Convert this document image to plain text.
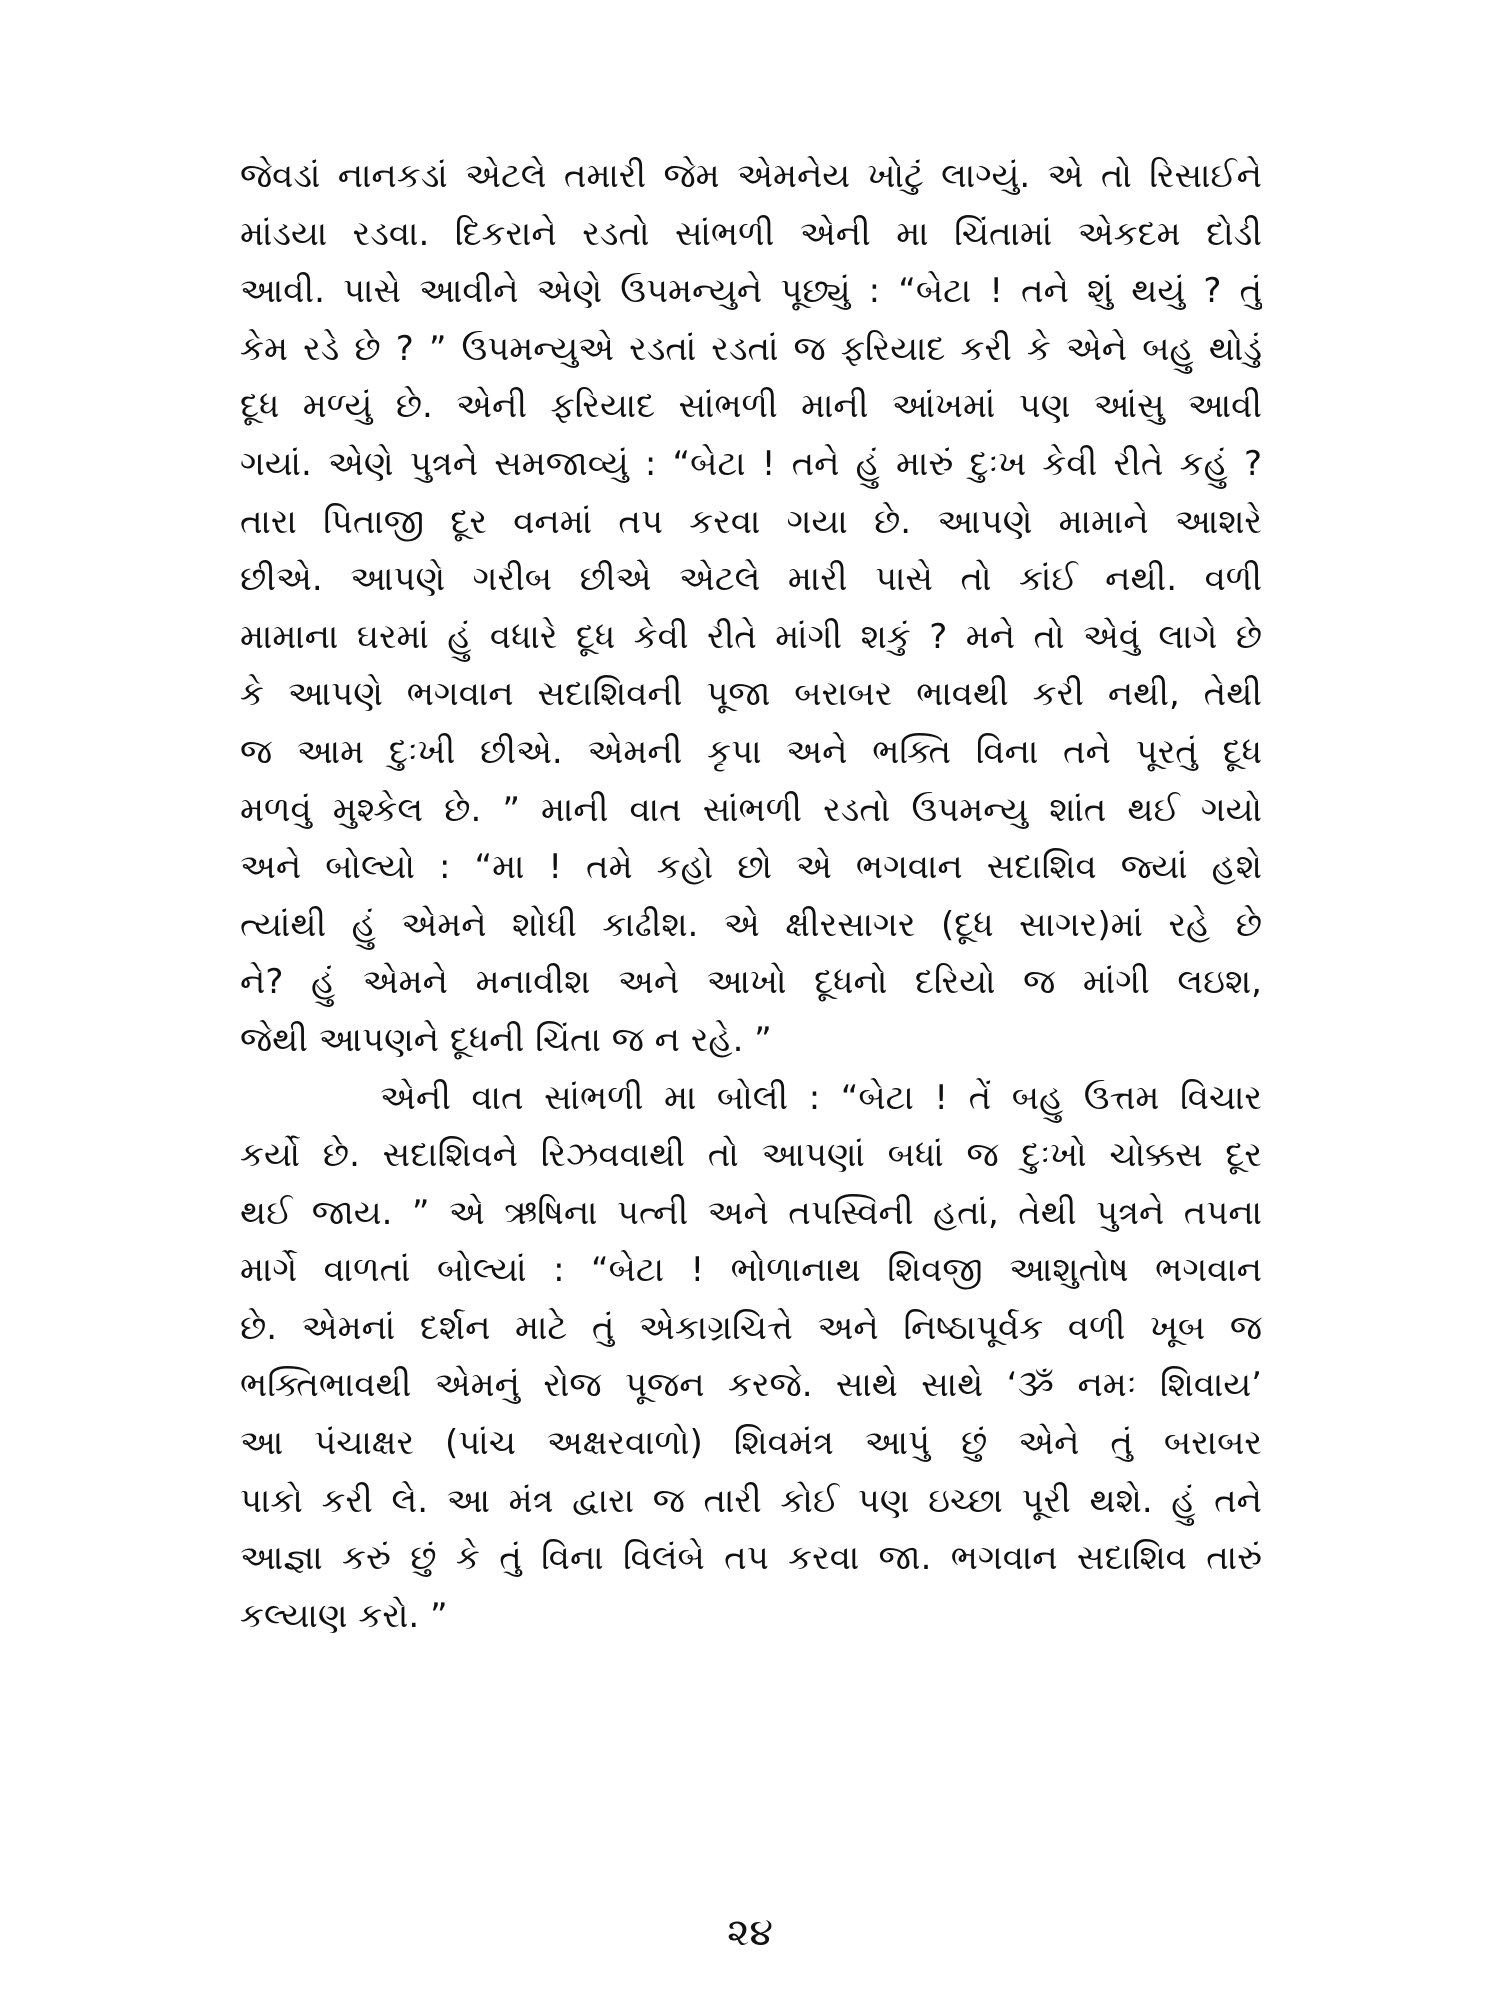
જેવડાં નાનકડાં એટલે તમારી જેમ એમનેય ખોટું લાગ્યું. એ તો રિસાઈને
માંડયા રડવા. દિકરાને રડતો સાંભળી એની મા ચિંતામાં એકદમ દોડી
આવી. પાસે આવીને એણે ઉપમન્યુને પૂછ્યું : “બેટા ! તને શું થયું ? તું
કેમ રડે છે ? ” ઉપમન્યુએ રડતાં રડતાં જ ફરિયાદ કરી કે એને બહુ થોડું
દૂધ મળ્યું છે. એની ફરિયાદ સાંભળી માની આંખમાં પણ આંસુ આવી
ગયાં. એણે પુત્રને સમજાવ્યું : “બેટા ! તને હું મારું દુઃખ કેવી રીતે કહું ?
તારા પિતાજી દૂર વનમાં તપ કરવા ગયા છે. આપણે મામાને આશરે
છીએ. આપણે ગરીબ છીએ એટલે મારી પાસે તો કાંઈ નથી. વળી
મામાના ઘરમાં હું વધારે દૂધ કેવી રીતે માંગી શકું ? મને તો એવું લાગે છે
કે આપણે ભગવાન સદાશિવની પૂજા બરાબર ભાવથી કરી નથી, તેથી
જ આમ દુઃખી છીએ. એમની કૃપા અને ભક્તિ વિના તને પૂરતું દૂધ
મળવું મુશ્કેલ છે. ” માની વાત સાંભળી રડતો ઉપમન્યુ શાંત થઈ ગયો
અને બોલ્યો : “મા ! તમે કહો છો એ ભગવાન સદાશિવ જ્યાં હશે
ત્યાંથી હું એમને શોધી કાઢીશ. એ ક્ષીરસાગર (દૂધ સાગર)માં રહે છે
ને? હું એમને મનાવીશ અને આખો દૂધનો દરિયો જ માંગી લઇશ,
જેથી આપણને દૂધની ચિંતા જ ન રહે. ”
એની વાત સાંભળી મા બોલી : “બેટા ! તેં બહુ ઉત્તમ વિચાર
કર્યો છે. સદાશિવને રિઝવવાથી તો આપણાં બધાં જ દુઃખો ચોક્કસ દૂર
થઈ જાય. ” એ ઋષિના પત્ની અને તપસ્વિની હતાં, તેથી પુત્રને તપના
માર્ગે વાળતાં બોલ્યાં : “બેટા ! ભોળાનાથ શિવજી આશુતોષ ભગવાન
છે. એમનાં દર્શન માટે તું એકાગ્રચિત્તે અને નિષ્ઠાપૂર્વક વળી ખૂબ જ
ભક્તિભાવથી એમનું રોજ પૂજન કરજે. સાથે સાથે ‘ૐ નમઃ શિવાય’
આ પંચાક્ષર (પાંચ અક્ષરવાળો) શિવમંત્ર આપું છું એને તું બરાબર
પાકો કરી લે. આ મંત્ર દ્વારા જ તારી કોઈ પણ ઇચ્છા પૂરી થશે. હું તને
આજ્ઞા કરું છું કે તું વિના વિલંબે તપ કરવા જા. ભગવાન સદાશિવ તારું
કલ્યાણ કરો. ”
૨૪
